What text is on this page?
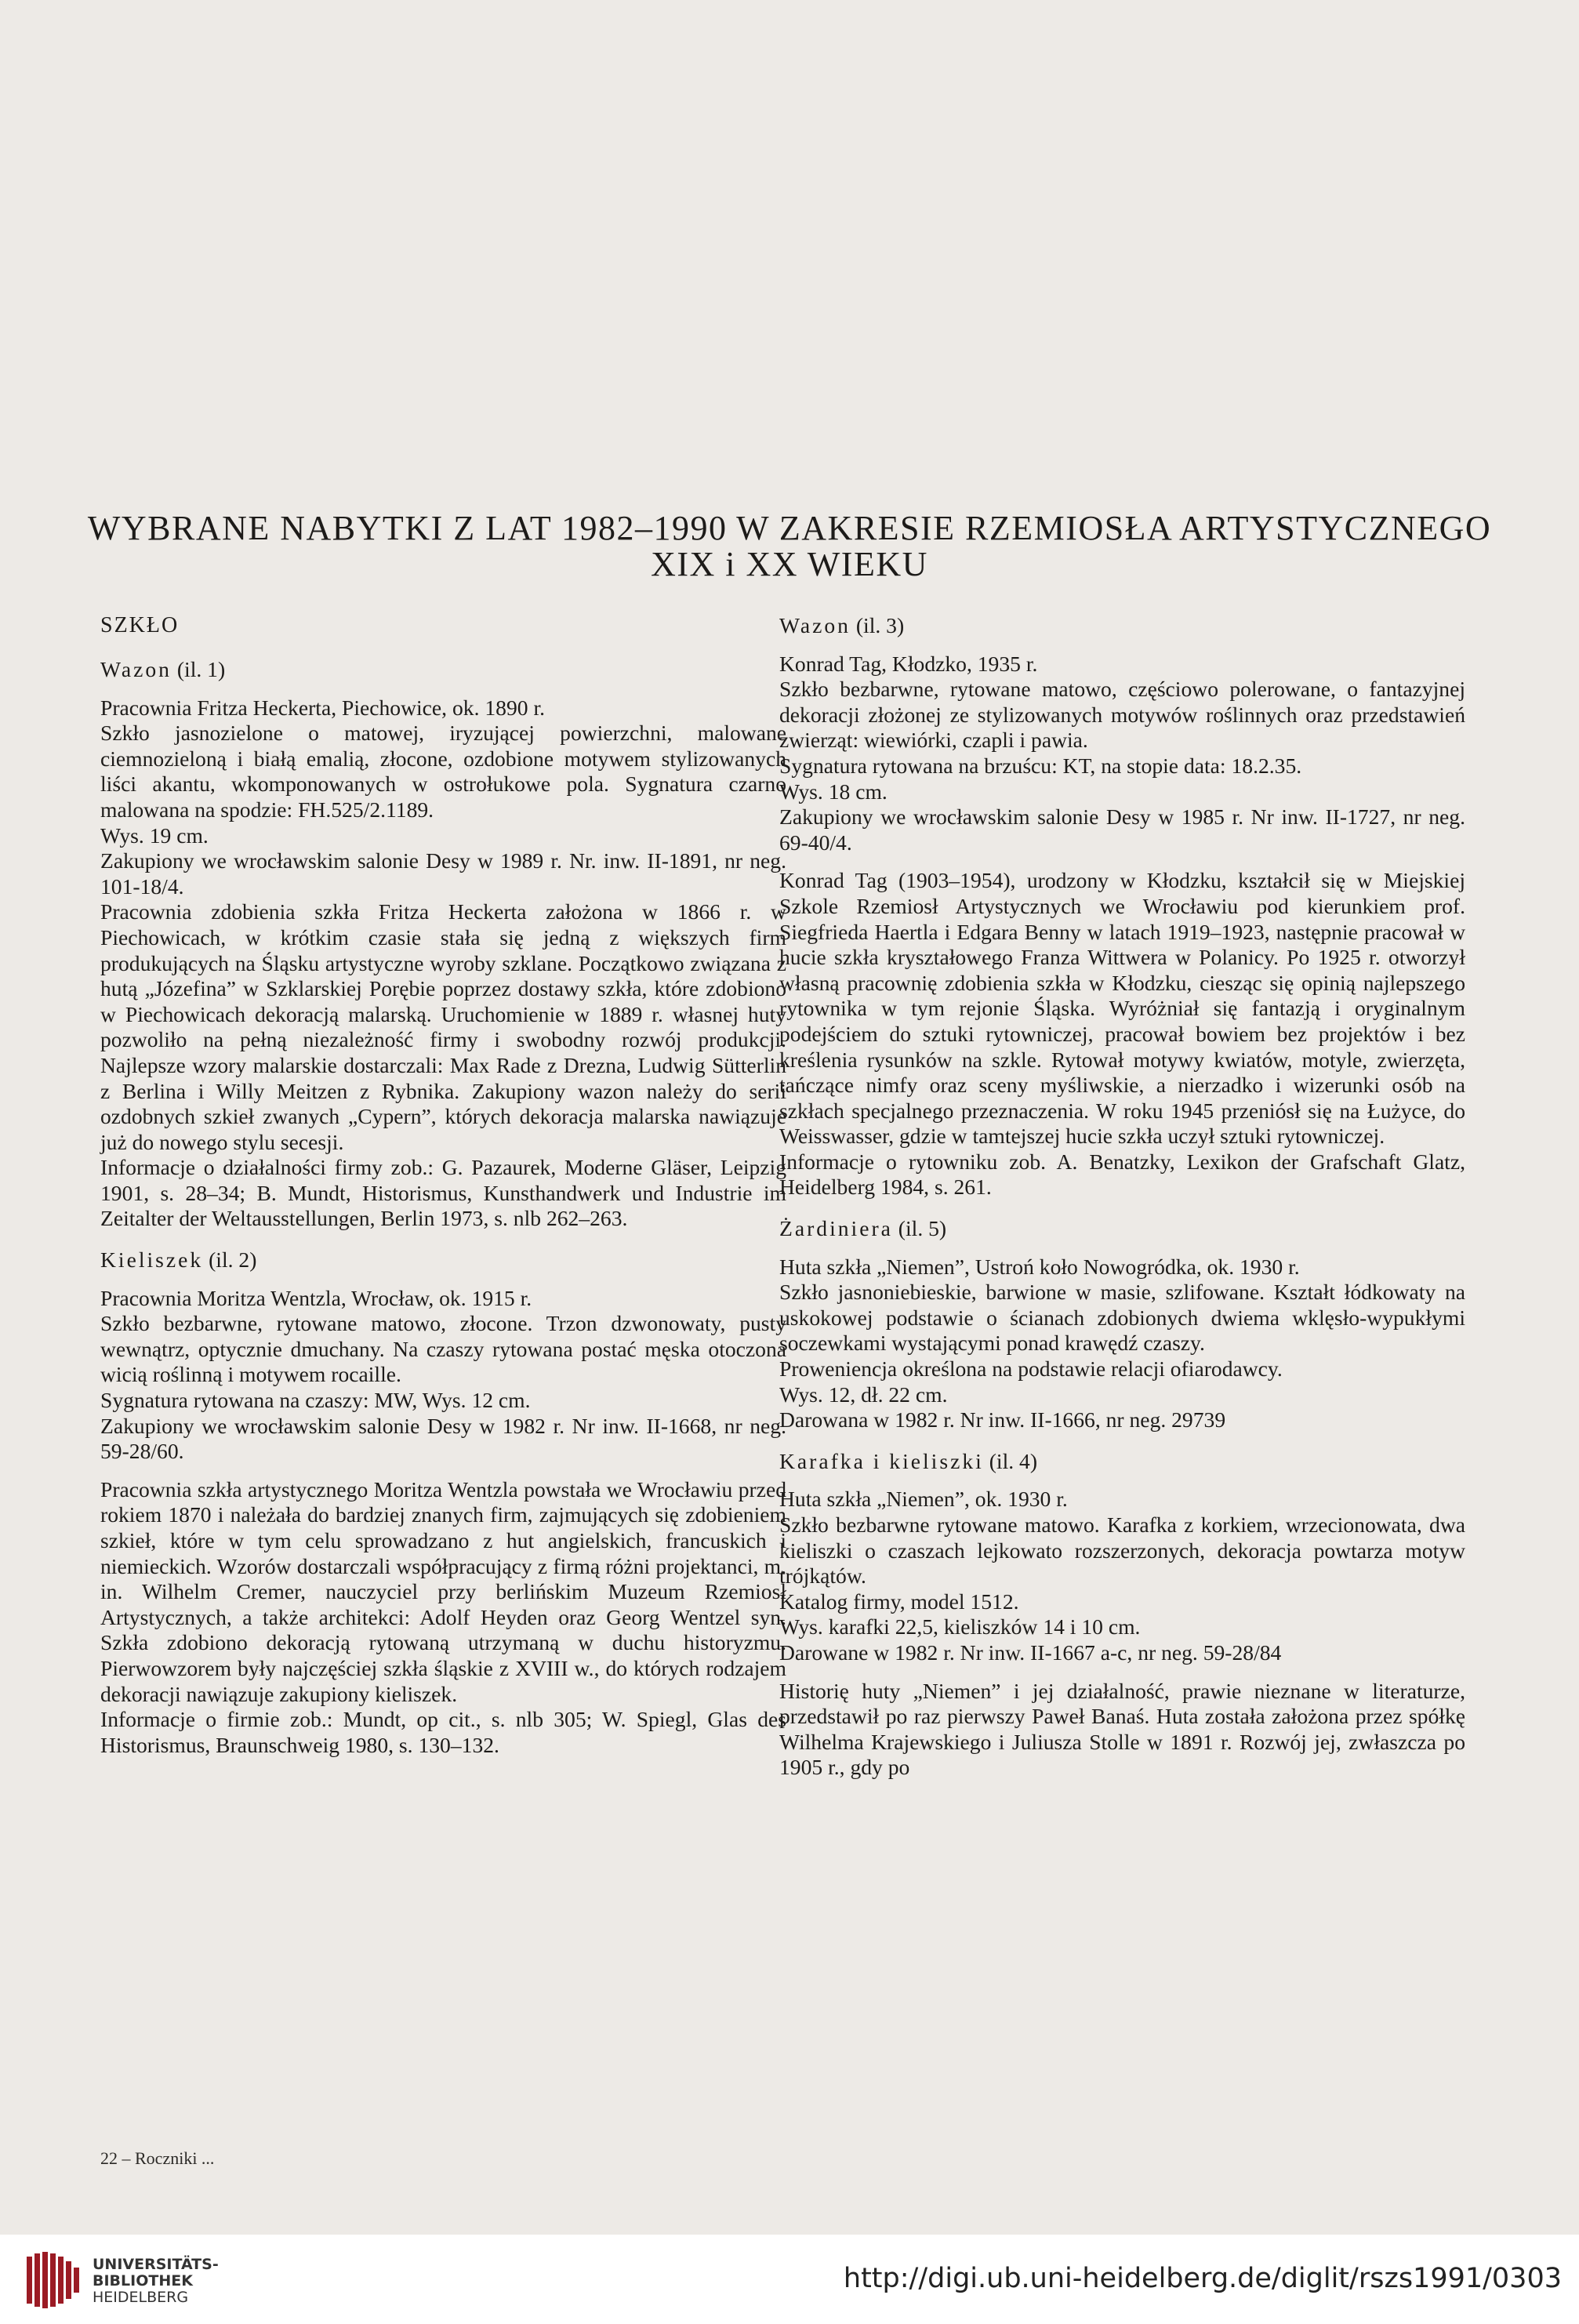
WYBRANE NABYTKI Z LAT 1982–1990 W ZAKRESIE RZEMIOSŁA ARTYSTYCZNEGO
XIX i XX WIEKU
SZKŁO

Wazon (il. 1)

Pracownia Fritza Heckerta, Piechowice, ok. 1890 r.

Szkło jasnozielone o matowej, iryzującej powierzchni, malowane ciemnozieloną i białą emalią, złocone, ozdobione motywem stylizowanych liści akantu, wkomponowanych w ostrołukowe pola. Sygnatura czarno malowana na spodzie: FH.525/2.1189.

Wys. 19 cm.

Zakupiony we wrocławskim salonie Desy w 1989 r. Nr. inw. II-1891, nr neg. 101-18/4.

Pracownia zdobienia szkła Fritza Heckerta założona w 1866 r. w Piechowicach, w krótkim czasie stała się jedną z większych firm produkujących na Śląsku artystyczne wyroby szklane. Początkowo związana z hutą „Józefina” w Szklarskiej Porębie poprzez dostawy szkła, które zdobiono w Piechowicach dekoracją malarską. Uruchomienie w 1889 r. własnej huty pozwoliło na pełną niezależność firmy i swobodny rozwój produkcji. Najlepsze wzory malarskie dostarczali: Max Rade z Drezna, Ludwig Sütterlin z Berlina i Willy Meitzen z Rybnika. Zakupiony wazon należy do serii ozdobnych szkieł zwanych „Cypern”, których dekoracja malarska nawiązuje już do nowego stylu secesji.

Informacje o działalności firmy zob.: G. Pazaurek, Moderne Gläser, Leipzig 1901, s. 28–34; B. Mundt, Historismus, Kunsthandwerk und Industrie im Zeitalter der Weltausstellungen, Berlin 1973, s. nlb 262–263.

Kieliszek (il. 2)

Pracownia Moritza Wentzla, Wrocław, ok. 1915 r.

Szkło bezbarwne, rytowane matowo, złocone. Trzon dzwonowaty, pusty wewnątrz, optycznie dmuchany. Na czaszy rytowana postać męska otoczona wicią roślinną i motywem rocaille.

Sygnatura rytowana na czaszy: MW, Wys. 12 cm.

Zakupiony we wrocławskim salonie Desy w 1982 r. Nr inw. II-1668, nr neg. 59-28/60.

Pracownia szkła artystycznego Moritza Wentzla powstała we Wrocławiu przed rokiem 1870 i należała do bardziej znanych firm, zajmujących się zdobieniem szkieł, które w tym celu sprowadzano z hut angielskich, francuskich i niemieckich. Wzorów dostarczali współpracujący z firmą różni projektanci, m. in. Wilhelm Cremer, nauczyciel przy berlińskim Muzeum Rzemiosł Artystycznych, a także architekci: Adolf Heyden oraz Georg Wentzel syn. Szkła zdobiono dekoracją rytowaną utrzymaną w duchu historyzmu. Pierwowzorem były najczęściej szkła śląskie z XVIII w., do których rodzajem dekoracji nawiązuje zakupiony kieliszek.

Informacje o firmie zob.: Mundt, op cit., s. nlb 305; W. Spiegl, Glas des Historismus, Braunschweig 1980, s. 130–132.

Wazon (il. 3)

Konrad Tag, Kłodzko, 1935 r.

Szkło bezbarwne, rytowane matowo, częściowo polerowane, o fantazyjnej dekoracji złożonej ze stylizowanych motywów roślinnych oraz przedstawień zwierząt: wiewiórki, czapli i pawia.

Sygnatura rytowana na brzuścu: KT, na stopie data: 18.2.35.

Wys. 18 cm.

Zakupiony we wrocławskim salonie Desy w 1985 r. Nr inw. II-1727, nr neg. 69-40/4.

Konrad Tag (1903–1954), urodzony w Kłodzku, kształcił się w Miejskiej Szkole Rzemiosł Artystycznych we Wrocławiu pod kierunkiem prof. Siegfrieda Haertla i Edgara Benny w latach 1919–1923, następnie pracował w hucie szkła kryształowego Franza Wittwera w Polanicy. Po 1925 r. otworzył własną pracownię zdobienia szkła w Kłodzku, ciesząc się opinią najlepszego rytownika w tym rejonie Śląska. Wyróżniał się fantazją i oryginalnym podejściem do sztuki rytowniczej, pracował bowiem bez projektów i bez kreślenia rysunków na szkle. Rytował motywy kwiatów, motyle, zwierzęta, tańczące nimfy oraz sceny myśliwskie, a nierzadko i wizerunki osób na szkłach specjalnego przeznaczenia. W roku 1945 przeniósł się na Łużyce, do Weisswasser, gdzie w tamtejszej hucie szkła uczył sztuki rytowniczej.

Informacje o rytowniku zob. A. Benatzky, Lexikon der Grafschaft Glatz, Heidelberg 1984, s. 261.

Żardiniera (il. 5)

Huta szkła „Niemen”, Ustroń koło Nowogródka, ok. 1930 r.

Szkło jasnoniebieskie, barwione w masie, szlifowane. Kształt łódkowaty na uskokowej podstawie o ścianach zdobionych dwiema wklęsło-wypukłymi soczewkami wystającymi ponad krawędź czaszy.

Proweniencja określona na podstawie relacji ofiarodawcy.

Wys. 12, dł. 22 cm.

Darowana w 1982 r. Nr inw. II-1666, nr neg. 29739

Karafka i kieliszki (il. 4)

Huta szkła „Niemen”, ok. 1930 r.

Szkło bezbarwne rytowane matowo. Karafka z korkiem, wrzecionowata, dwa kieliszki o czaszach lejkowato rozszerzonych, dekoracja powtarza motyw trójkątów.

Katalog firmy, model 1512.

Wys. karafki 22,5, kieliszków 14 i 10 cm.

Darowane w 1982 r. Nr inw. II-1667 a-c, nr neg. 59-28/84

Historię huty „Niemen” i jej działalność, prawie nieznane w literaturze, przedstawił po raz pierwszy Paweł Banaś. Huta została założona przez spółkę Wilhelma Krajewskiego i Juliusza Stolle w 1891 r. Rozwój jej, zwłaszcza po 1905 r., gdy po

22 – Roczniki ...
UNIVERSITÄTS-
BIBLIOTHEK
HEIDELBERG
http://digi.ub.uni-heidelberg.de/diglit/rszs1991/0303
